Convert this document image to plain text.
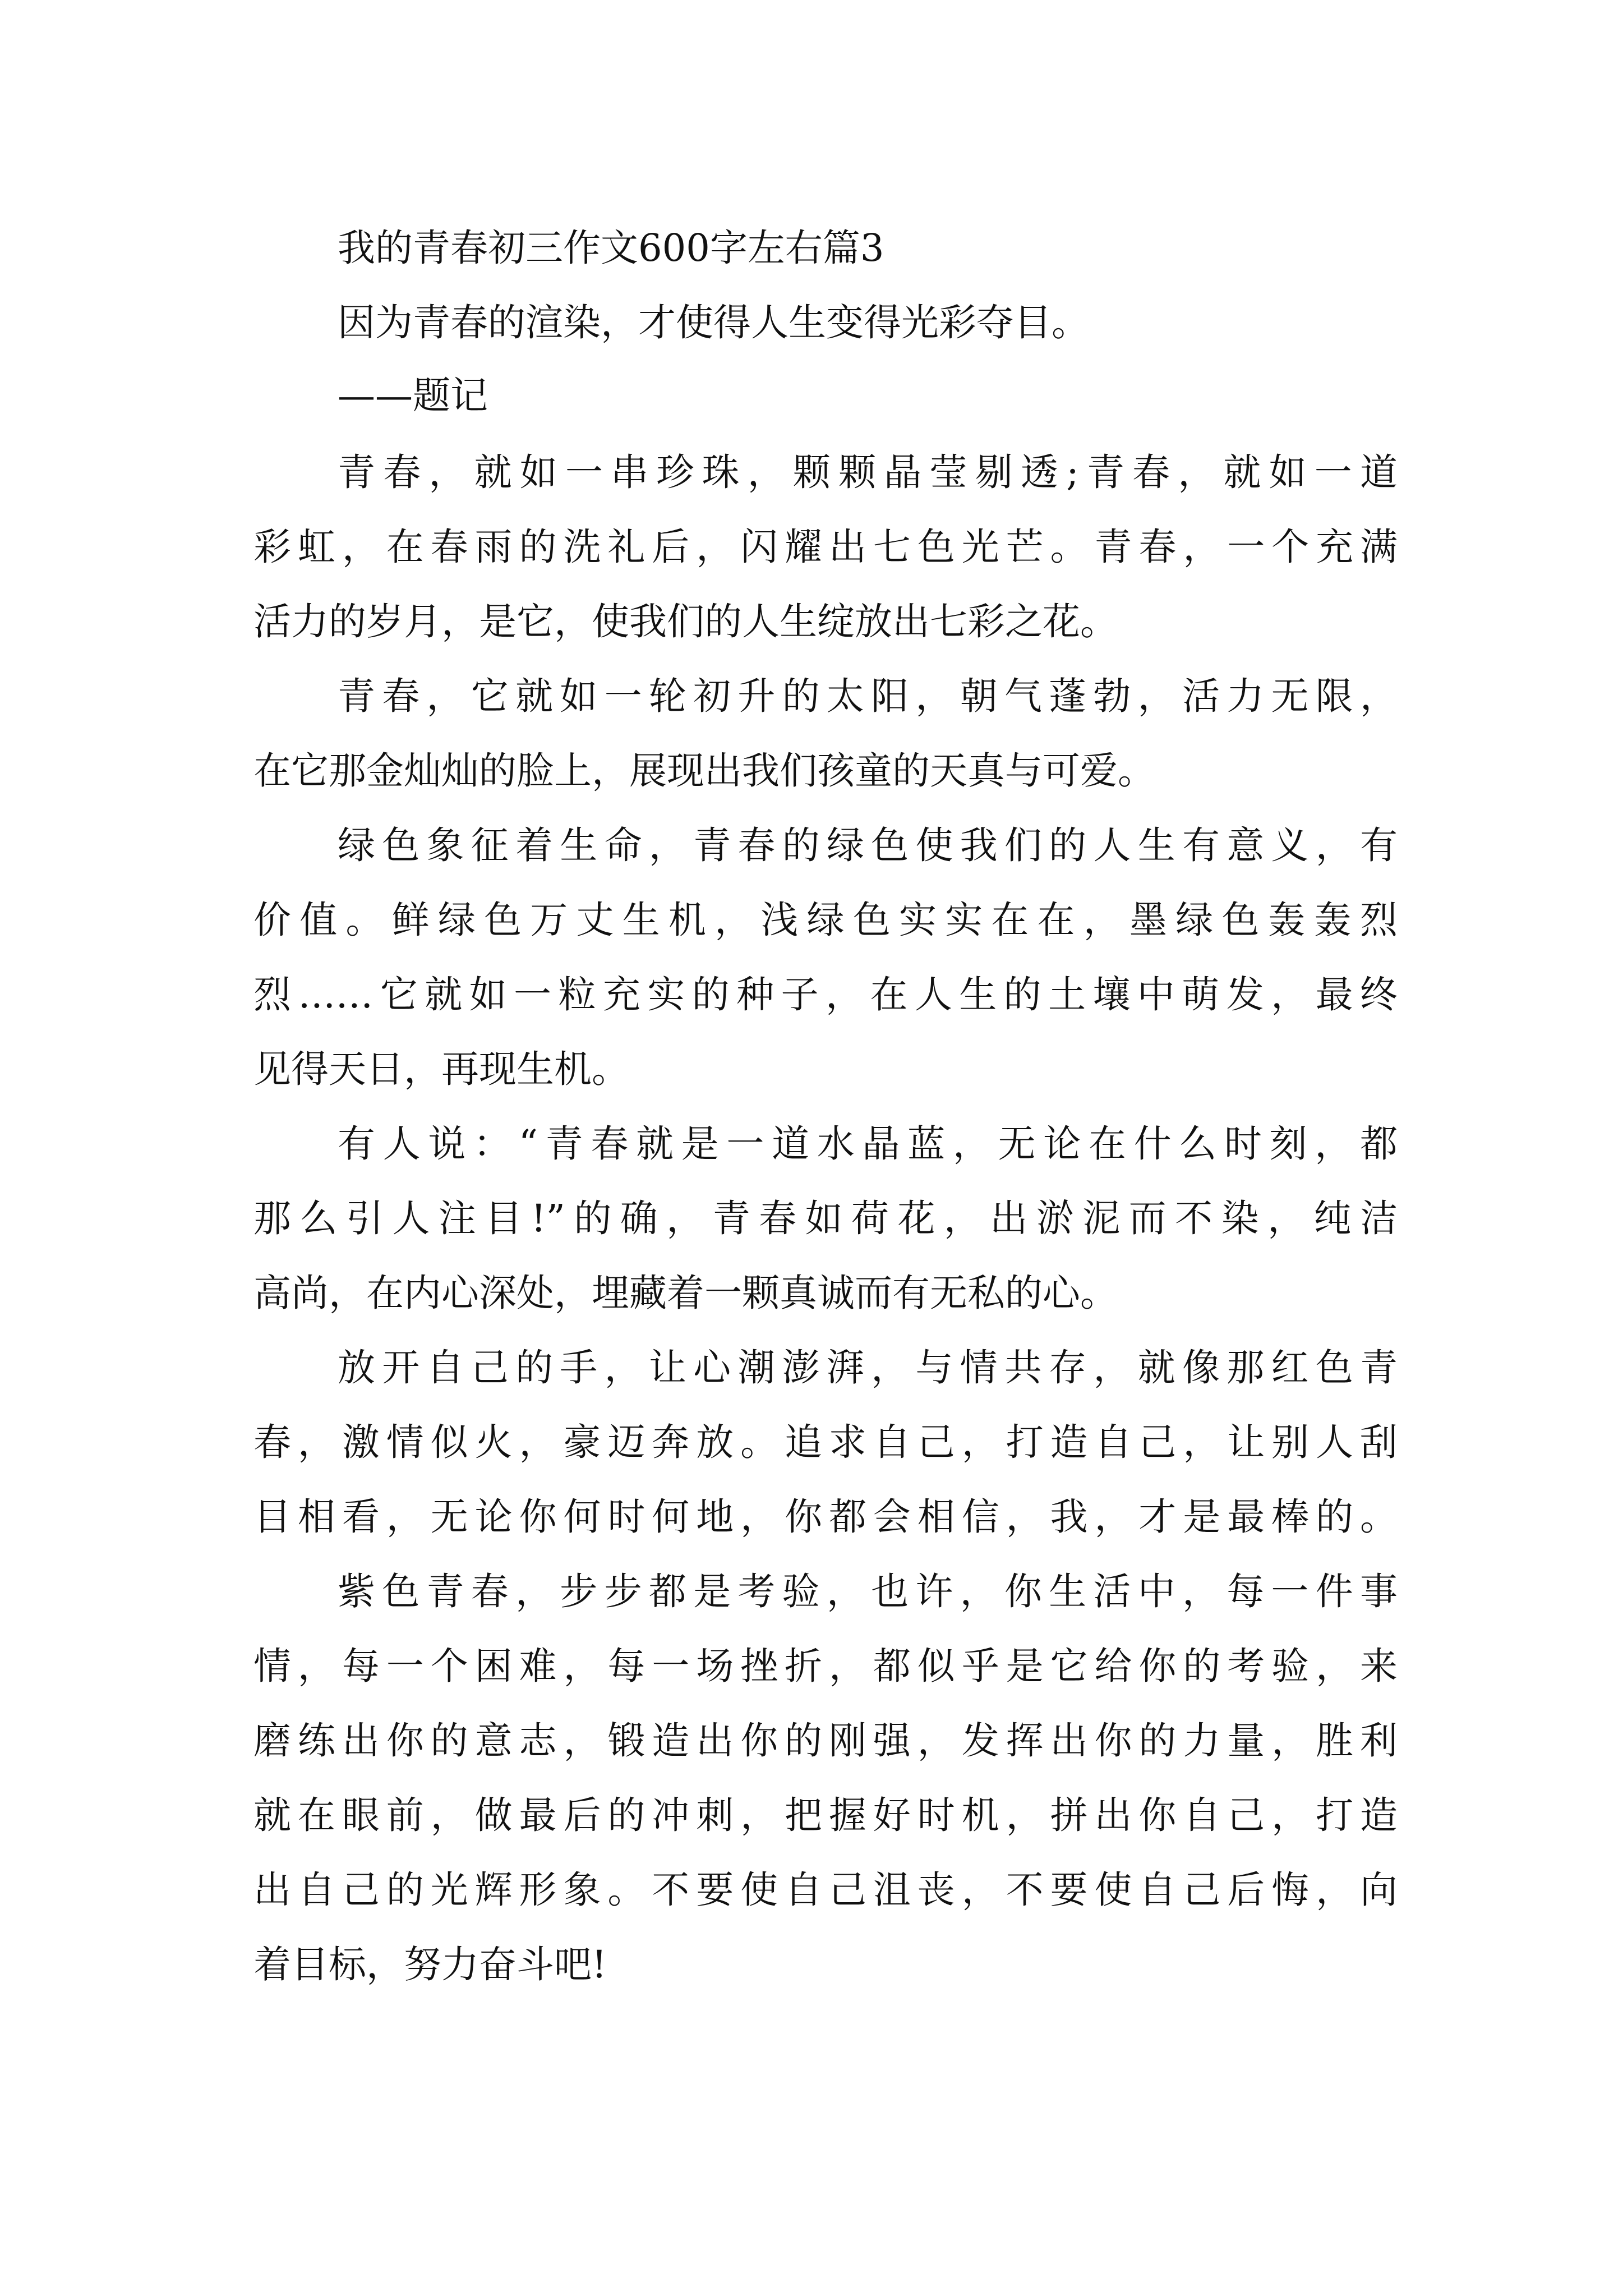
我的青春初三作文600字左右篇3
因为青春的渲染，才使得人生变得光彩夺目。
——题记
青春，就如一串珍珠，颗颗晶莹剔透;青春，就如一道
彩虹，在春雨的洗礼后，闪耀出七色光芒。青春，一个充满
活力的岁月，是它，使我们的人生绽放出七彩之花。
青春，它就如一轮初升的太阳，朝气蓬勃，活力无限，
在它那金灿灿的脸上，展现出我们孩童的天真与可爱。
绿色象征着生命，青春的绿色使我们的人生有意义，有
价值。鲜绿色万丈生机，浅绿色实实在在，墨绿色轰轰烈
烈……它就如一粒充实的种子，在人生的土壤中萌发，最终
见得天日，再现生机。
有人说：“青春就是一道水晶蓝，无论在什么时刻，都
那么引人注目!”的确，青春如荷花，出淤泥而不染，纯洁
高尚，在内心深处，埋藏着一颗真诚而有无私的心。
放开自己的手，让心潮澎湃，与情共存，就像那红色青
春，激情似火，豪迈奔放。追求自己，打造自己，让别人刮
目相看，无论你何时何地，你都会相信，我，才是最棒的。
紫色青春，步步都是考验，也许，你生活中，每一件事
情，每一个困难，每一场挫折，都似乎是它给你的考验，来
磨练出你的意志，锻造出你的刚强，发挥出你的力量，胜利
就在眼前，做最后的冲刺，把握好时机，拼出你自己，打造
出自己的光辉形象。不要使自己沮丧，不要使自己后悔，向
着目标，努力奋斗吧!
